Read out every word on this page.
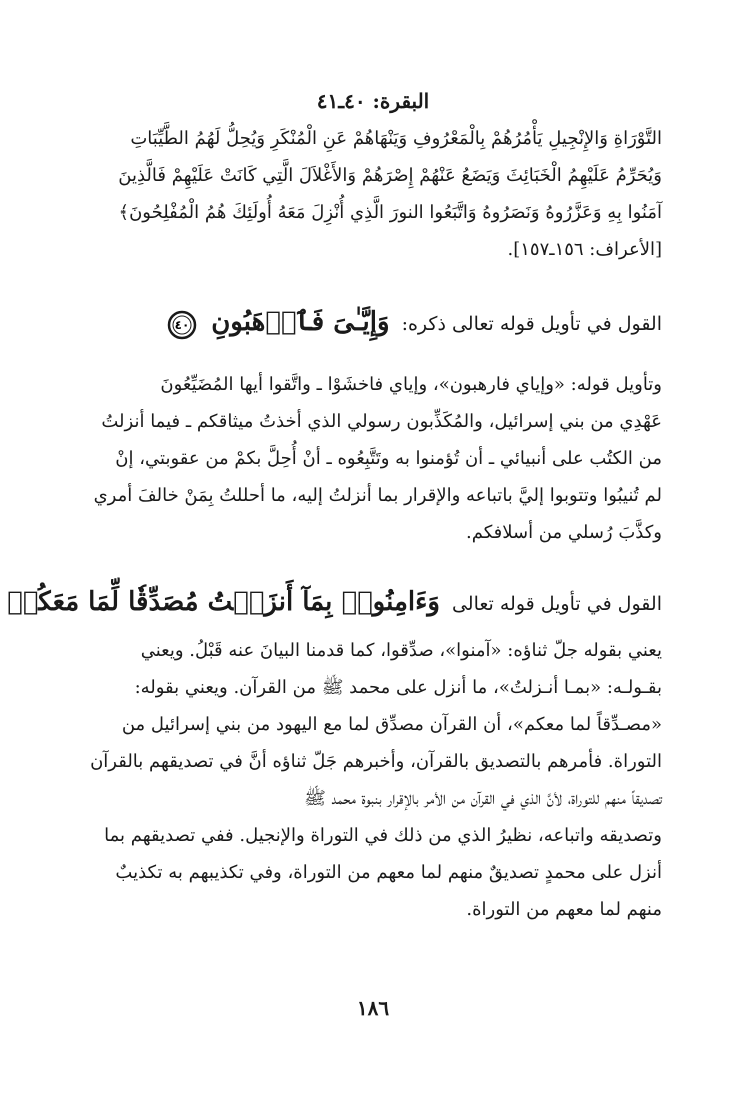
البقرة: ٤٠ـ٤١
التَّوْرَاةِ وَالإِنْجِيلِ يَأْمُرُهُمْ بِالْمَعْرُوفِ وَيَنْهَاهُمْ عَنِ الْمُنْكَرِ وَيُحِلُّ لَهُمُ الطَّيِّبَاتِ
وَيُحَرِّمُ عَلَيْهِمُ الْخَبَائِثَ وَيَضَعُ عَنْهُمْ إِصْرَهُمْ وَالأَغْلاَلَ الَّتِي كَانَتْ عَلَيْهِمْ فَالَّذِينَ
آمَنُوا بِهِ وَعَزَّرُوهُ وَنَصَرُوهُ وَاتَّبَعُوا النورَ الَّذِي أُنْزِلَ مَعَهُ أُولَئِكَ هُمُ الْمُفْلِحُونَ﴾
[الأعراف: ١٥٦ـ١٥٧].
القول في تأويل قوله تعالى ذكره: وَإِيَّـٰىَ فَٱرۡهَبُونِ
٤٠
وتأويل قوله: «وإياي فارهبون»، وإياي فاخشَوْا ـ واتَّقوا أيها المُضَيِّعُونَ
عَهْدِي من بني إسرائيل، والمُكَذِّبون رسولي الذي أخذتُ ميثاقكم ـ فيما أنزلتُ
من الكتُب على أنبيائي ـ أن تُؤمنوا به وتَتَّبِعُوه ـ أنْ أُحِلَّ بكمْ من عقوبتي، إنْ
لم تُنيبُوا وتتوبوا إليَّ باتباعه والإقرار بما أنزلتُ إليه، ما أحللتُ بِمَنْ خالفَ أمري
وكذَّبَ رُسلي من أسلافكم.
القول في تأويل قوله تعالى وَءَامِنُوا۟ بِمَآ أَنزَلۡتُ مُصَدِّقٗا لِّمَا مَعَكُمۡ
يعني بقوله جلّ ثناؤه: «آمنوا»، صدِّقوا، كما قدمنا البيانَ عنه قَبْلُ. ويعني
بقـولـه: «بمـا أنـزلتُ»، ما أنزل على محمد ﷺ من القرآن. ويعني بقوله:
«مصـدِّقاً لما معكم»، أن القرآن مصدِّق لما مع اليهود من بني إسرائيل من
التوراة. فأمرهم بالتصديق بالقرآن، وأخبرهم جَلّ ثناؤه أنَّ في تصديقهم بالقرآن
تصديقاً منهم للتوراة، لأنَّ الذي في القرآن من الأمر بالإقرار بنبوة محمد ﷺ
وتصديقه واتباعه، نظيرُ الذي من ذلك في التوراة والإنجيل. ففي تصديقهم بما
أنزل على محمدٍ تصديقٌ منهم لما معهم من التوراة، وفي تكذيبهم به تكذيبٌ
منهم لما معهم من التوراة.
١٨٦
